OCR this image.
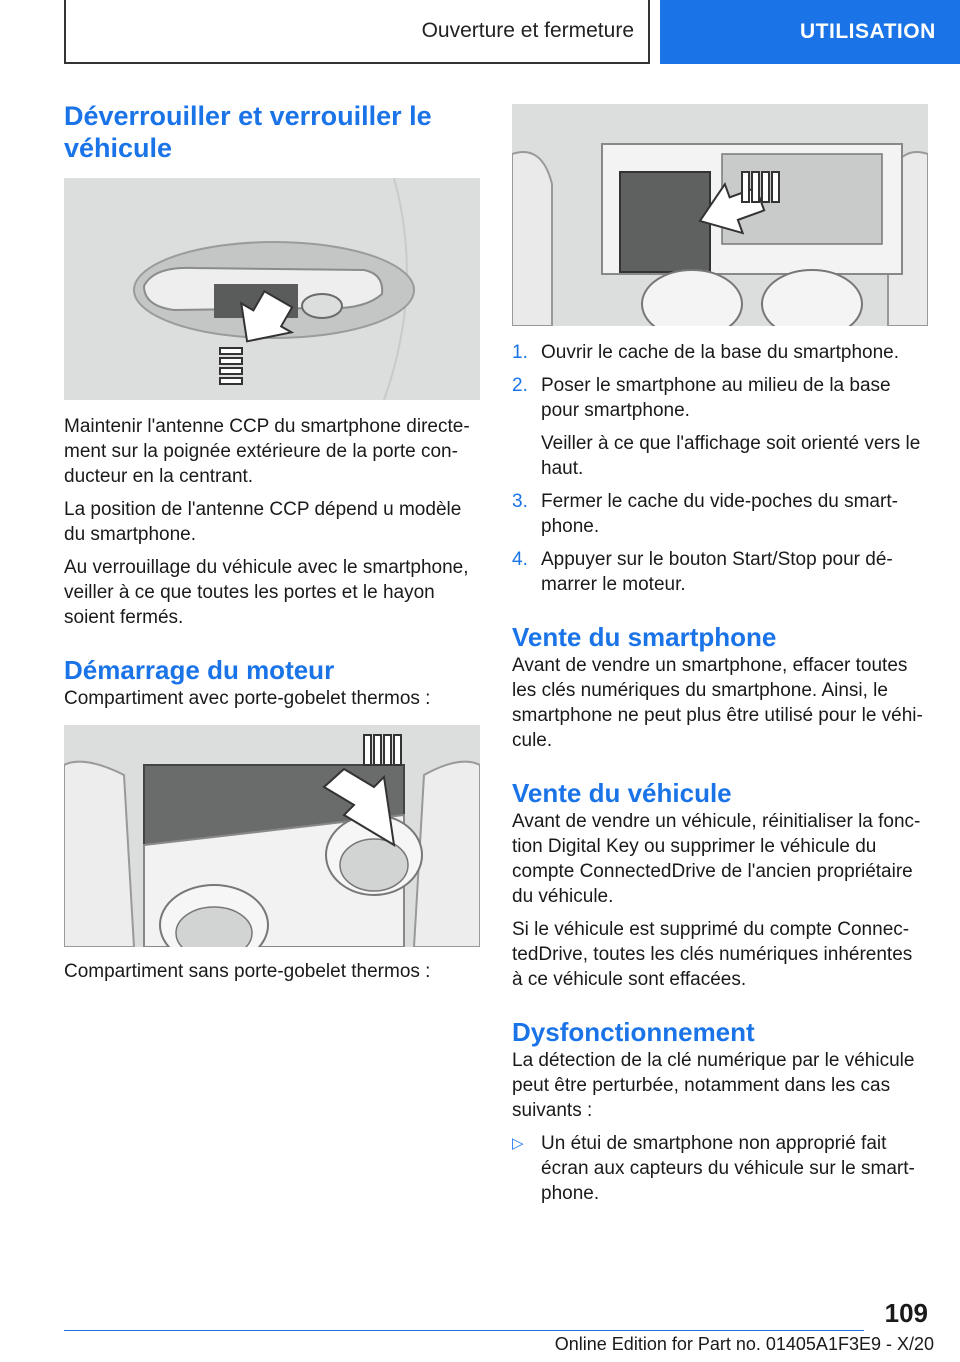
Ouverture et fermeture	UTILISATION
Déverrouiller et verrouiller le véhicule

Maintenir l'antenne CCP du smartphone directe-ment sur la poignée extérieure de la porte con-ducteur en la centrant.

La position de l'antenne CCP dépend u modèle du smartphone.

Au verrouillage du véhicule avec le smartphone, veiller à ce que toutes les portes et le hayon soient fermés.

Démarrage du moteur

Compartiment avec porte-gobelet thermos :

Compartiment sans porte-gobelet thermos :

1. Ouvrir le cache de la base du smartphone.
2. Poser le smartphone au milieu de la base pour smartphone.
Veiller à ce que l'affichage soit orienté vers le haut.
3. Fermer le cache du vide-poches du smart-phone.
4. Appuyer sur le bouton Start/Stop pour dé-marrer le moteur.
Vente du smartphone

Avant de vendre un smartphone, effacer toutes les clés numériques du smartphone. Ainsi, le smartphone ne peut plus être utilisé pour le véhi-cule.

Vente du véhicule

Avant de vendre un véhicule, réinitialiser la fonc-tion Digital Key ou supprimer le véhicule du compte ConnectedDrive de l'ancien propriétaire du véhicule.

Si le véhicule est supprimé du compte Connec-tedDrive, toutes les clés numériques inhérentes à ce véhicule sont effacées.

Dysfonctionnement

La détection de la clé numérique par le véhicule peut être perturbée, notamment dans les cas suivants :

▷ Un étui de smartphone non approprié fait écran aux capteurs du véhicule sur le smart-phone.
109
Online Edition for Part no. 01405A1F3E9 - X/20
